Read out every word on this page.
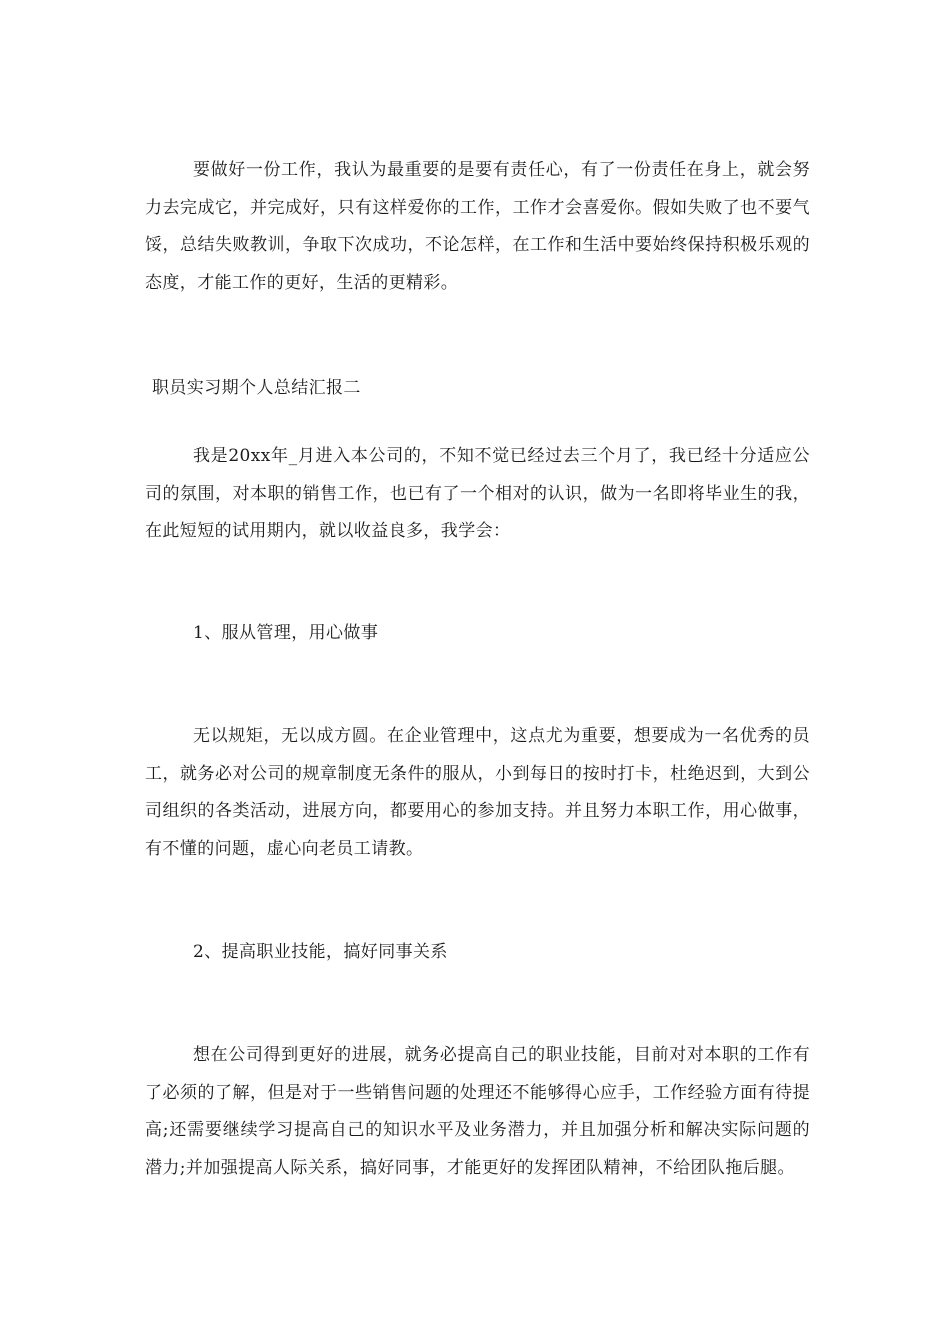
要做好一份工作，我认为最重要的是要有责任心，有了一份责任在身上，就会努力去完成它，并完成好，只有这样爱你的工作，工作才会喜爱你。假如失败了也不要气馁，总结失败教训，争取下次成功，不论怎样，在工作和生活中要始终保持积极乐观的态度，才能工作的更好，生活的更精彩。

职员实习期个人总结汇报二

我是20xx年_月进入本公司的，不知不觉已经过去三个月了，我已经十分适应公司的氛围，对本职的销售工作，也已有了一个相对的认识，做为一名即将毕业生的我，在此短短的试用期内，就以收益良多，我学会：

1、服从管理，用心做事

无以规矩，无以成方圆。在企业管理中，这点尤为重要，想要成为一名优秀的员工，就务必对公司的规章制度无条件的服从，小到每日的按时打卡，杜绝迟到，大到公司组织的各类活动，进展方向，都要用心的参加支持。并且努力本职工作，用心做事，有不懂的问题，虚心向老员工请教。

2、提高职业技能，搞好同事关系

想在公司得到更好的进展，就务必提高自己的职业技能，目前对对本职的工作有了必须的了解，但是对于一些销售问题的处理还不能够得心应手，工作经验方面有待提高;还需要继续学习提高自己的知识水平及业务潜力，并且加强分析和解决实际问题的潜力;并加强提高人际关系，搞好同事，才能更好的发挥团队精神，不给团队拖后腿。
